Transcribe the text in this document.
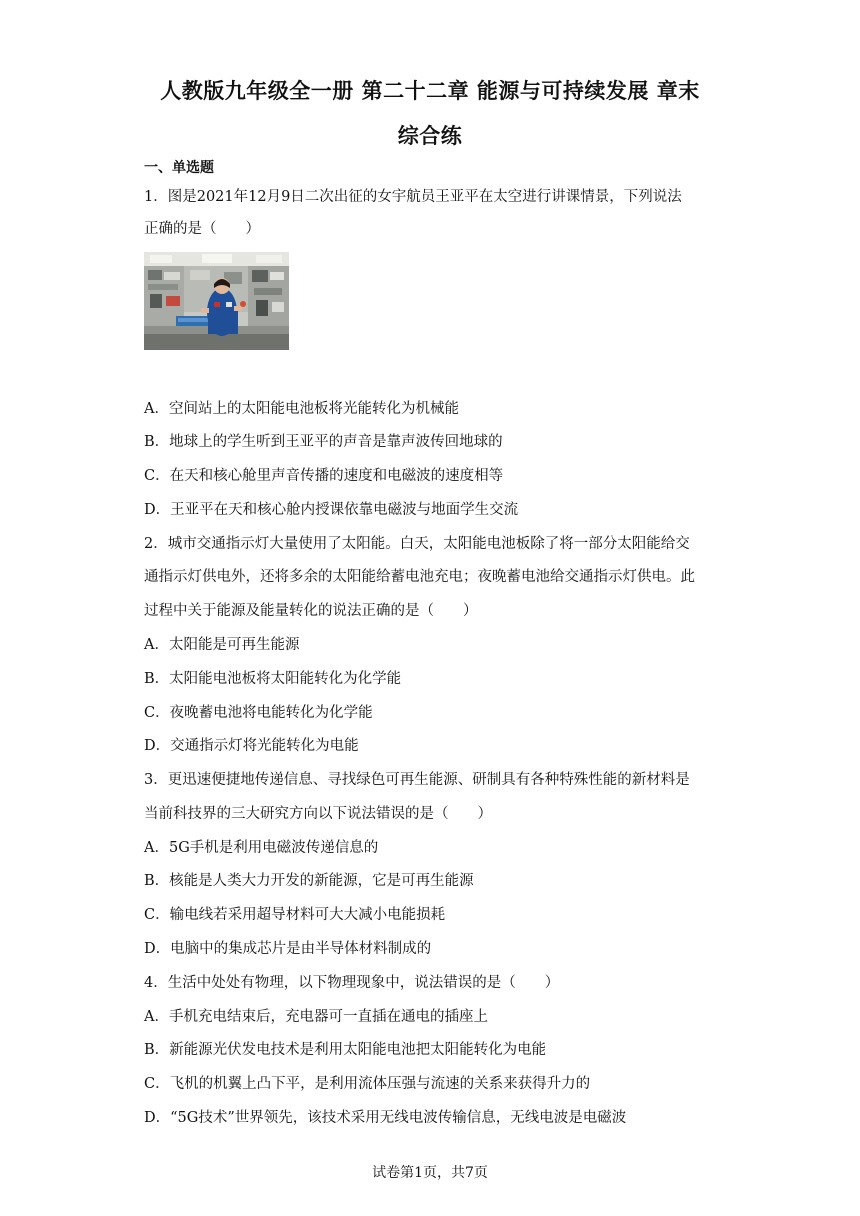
人教版九年级全一册 第二十二章 能源与可持续发展 章末
综合练
一、单选题
1．图是2021年12月9日二次出征的女宇航员王亚平在太空进行讲课情景，下列说法
正确的是（　　）
A．空间站上的太阳能电池板将光能转化为机械能
B．地球上的学生听到王亚平的声音是靠声波传回地球的
C．在天和核心舱里声音传播的速度和电磁波的速度相等
D．王亚平在天和核心舱内授课依靠电磁波与地面学生交流
2．城市交通指示灯大量使用了太阳能。白天，太阳能电池板除了将一部分太阳能给交
通指示灯供电外，还将多余的太阳能给蓄电池充电；夜晚蓄电池给交通指示灯供电。此
过程中关于能源及能量转化的说法正确的是（　　）
A．太阳能是可再生能源
B．太阳能电池板将太阳能转化为化学能
C．夜晚蓄电池将电能转化为化学能
D．交通指示灯将光能转化为电能
3．更迅速便捷地传递信息、寻找绿色可再生能源、研制具有各种特殊性能的新材料是
当前科技界的三大研究方向以下说法错误的是（　　）
A．5G手机是利用电磁波传递信息的
B．核能是人类大力开发的新能源，它是可再生能源
C．输电线若采用超导材料可大大减小电能损耗
D．电脑中的集成芯片是由半导体材料制成的
4．生活中处处有物理，以下物理现象中，说法错误的是（　　）
A．手机充电结束后，充电器可一直插在通电的插座上
B．新能源光伏发电技术是利用太阳能电池把太阳能转化为电能
C．飞机的机翼上凸下平，是利用流体压强与流速的关系来获得升力的
D．“5G技术”世界领先，该技术采用无线电波传输信息，无线电波是电磁波
试卷第1页，共7页
